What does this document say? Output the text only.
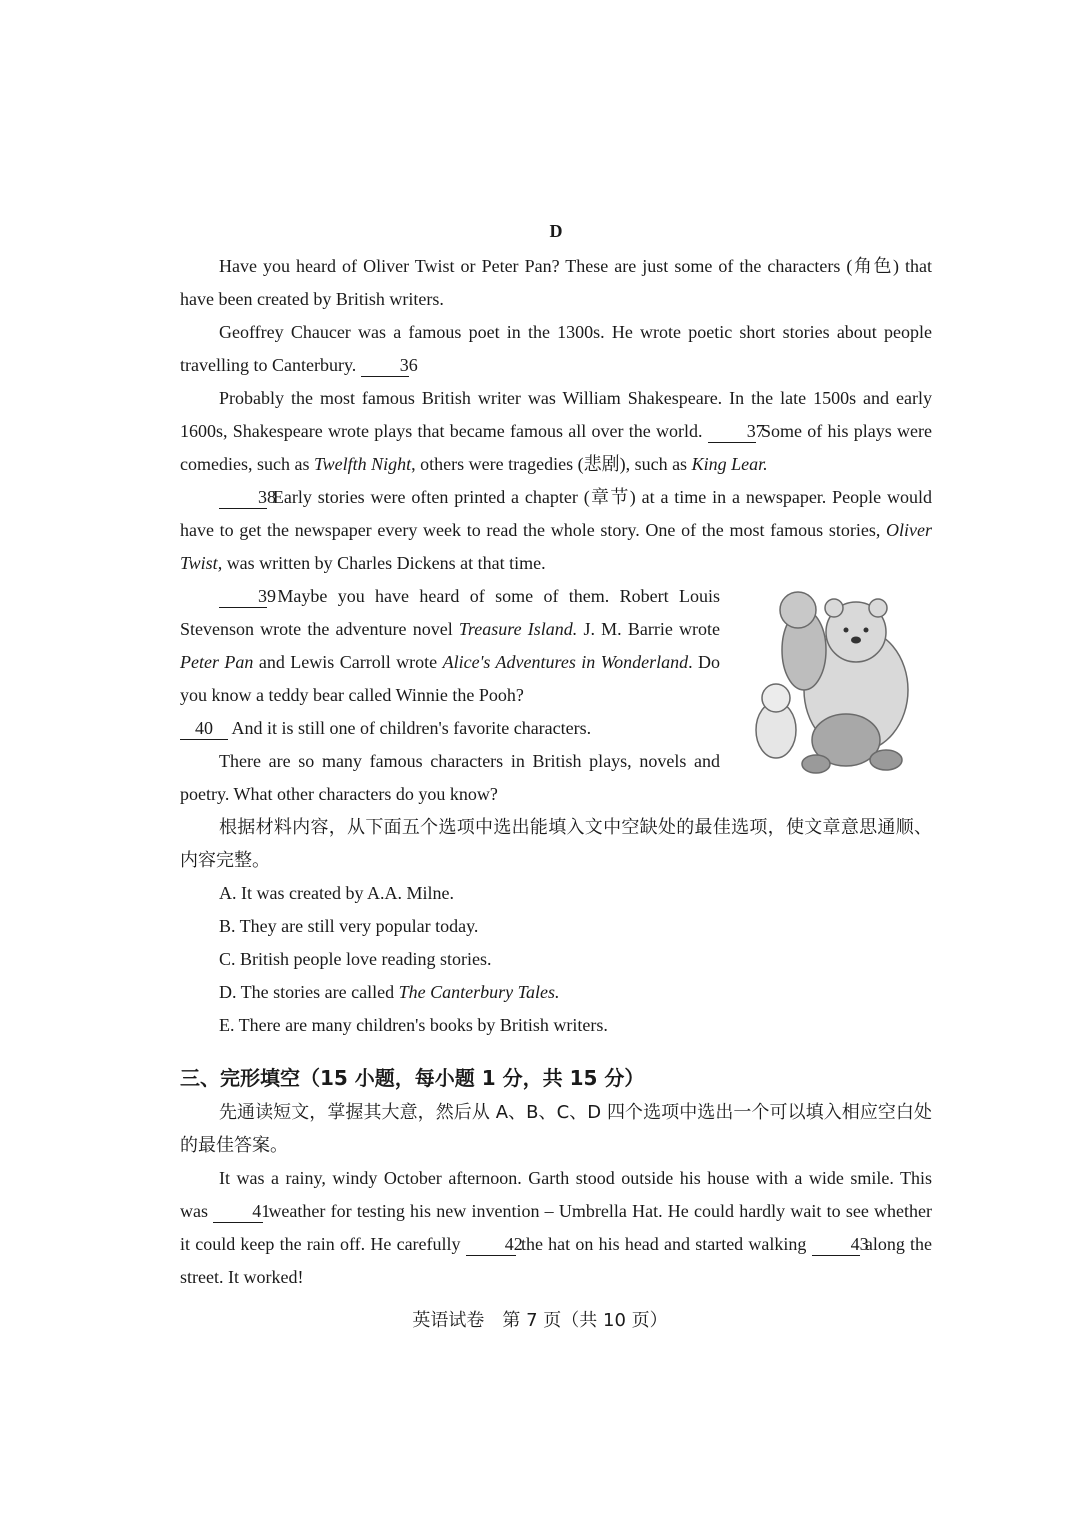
D

Have you heard of Oliver Twist or Peter Pan? These are just some of the characters (角色) that have been created by British writers.

Geoffrey Chaucer was a famous poet in the 1300s. He wrote poetic short stories about people travelling to Canterbury. 36

Probably the most famous British writer was William Shakespeare. In the late 1500s and early 1600s, Shakespeare wrote plays that became famous all over the world. 37 Some of his plays were comedies, such as Twelfth Night, others were tragedies (悲剧), such as King Lear.

38 Early stories were often printed a chapter (章节) at a time in a newspaper. People would have to get the newspaper every week to read the whole story. One of the most famous stories, Oliver Twist, was written by Charles Dickens at that time.

39 Maybe you have heard of some of them. Robert Louis Stevenson wrote the adventure novel Treasure Island. J. M. Barrie wrote Peter Pan and Lewis Carroll wrote Alice's Adventures in Wonderland. Do you know a teddy bear called Winnie the Pooh?

40 And it is still one of children's favorite characters.

There are so many famous characters in British plays, novels and poetry. What other characters do you know?

根据材料内容，从下面五个选项中选出能填入文中空缺处的最佳选项，使文章意思通顺、内容完整。

A. It was created by A.A. Milne.
B. They are still very popular today.
C. British people love reading stories.
D. The stories are called The Canterbury Tales.
E. There are many children's books by British writers.
三、完形填空（15 小题，每小题 1 分，共 15 分）

先通读短文，掌握其大意，然后从 A、B、C、D 四个选项中选出一个可以填入相应空白处的最佳答案。

It was a rainy, windy October afternoon. Garth stood outside his house with a wide smile. This was 41 weather for testing his new invention – Umbrella Hat. He could hardly wait to see whether it could keep the rain off. He carefully 42 the hat on his head and started walking 43 along the street. It worked!

英语试卷　第 7 页（共 10 页）
